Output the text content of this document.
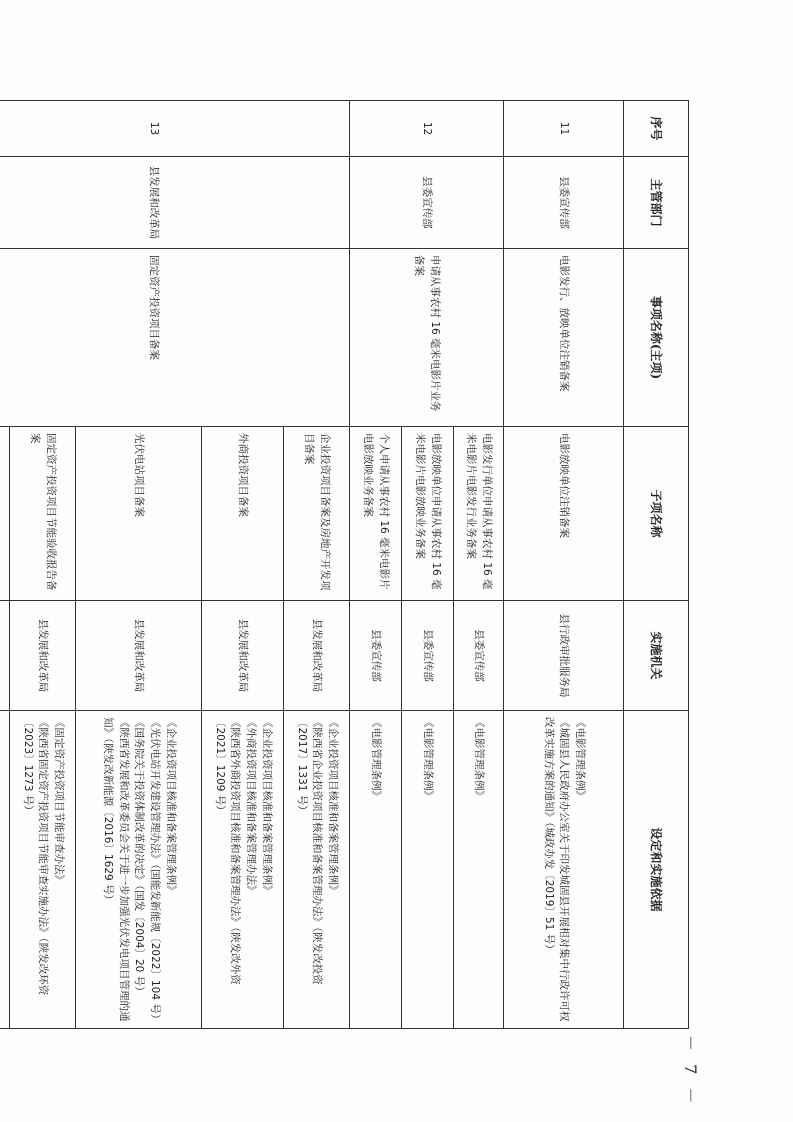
序号	主管部门	事项名称(主项)	子项名称	实施机关	设定和实施依据
11	县委宣传部	电影发行、放映单位注销备案	电影放映单位注销备案	县行政审批服务局	《电影管理条例》
《城固县人民政府办公室关于印发城固县开展相对集中行政许可权改革实施方案的通知》（城政办发〔2019〕51 号）

12	县委宣传部	申请从事农村 16 毫米电影片业务备案	电影发行单位申请从事农村 16 毫米电影片电影发行业务备案	县委宣传部	《电影管理条例》

			电影放映单位申请从事农村 16 毫米电影片电影放映业务备案	县委宣传部	《电影管理条例》

			个人申请从事农村 16 毫米电影片电影放映业务备案	县委宣传部	《电影管理条例》

13	县发展和改革局	固定资产投资项目备案	企业投资项目备案及房地产开发项目备案	县发展和改革局	《企业投资项目核准和备案管理条例》
《陕西省企业投资项目核准和备案管理办法》（陕发改投资〔2017〕1331 号）

			外商投资项目备案	县发展和改革局	《企业投资项目核准和备案管理条例》
《外商投资项目核准和备案管理办法》
《陕西省外商投资项目核准和备案管理办法》（陕发改外资〔2021〕1209 号）

			光伏电站项目备案	县发展和改革局	《企业投资项目核准和备案管理条例》
《光伏电站开发建设管理办法》（国能发新能规〔2022〕104 号）
《国务院关于投资体制改革的决定》（国发〔2004〕20 号）
《陕西省发展和改革委员会关于进一步加强光伏发电项目管理的通知》（陕发改新能源〔2016〕1629 号）

			固定资产投资项目节能验收报告备案	县发展和改革局	《固定资产投资项目节能审查办法》
《陕西省固定资产投资项目节能审查实施办法》（陕发改环资〔2023〕1273 号）

－ 7 －
